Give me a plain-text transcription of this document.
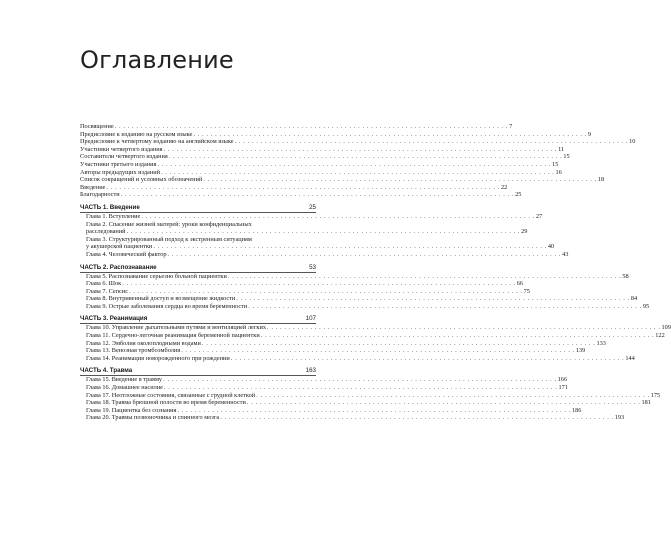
Оглавление
Посвящение . . .	7
Предисловие к изданию на русском языке . . .	9
Предисловие к четвертому изданию на английском языке . . .	10
Участники четвертого издания . . .	11
Составители четвертого издания . . .	15
Участники третьего издания . . .	15
Авторы предыдущих изданий . . .	16
Список сокращений и условных обозначений . . .	18
Введение . . .	22
Благодарности . . .	25
ЧАСТЬ 1. Введение	25
Глава 1. Вступление . . .	27
Глава 2. Спасение жизней матерей: уроки конфиденциальных
расследований . . .	29
Глава 3. Структурированный подход к экстренным ситуациям
у акушерской пациентки . . .	40
Глава 4. Человеческий фактор . . .	43
ЧАСТЬ 2. Распознавание	53
Глава 5. Распознавание серьезно больной пациентки . . .	58
Глава 6. Шок . . .	66
Глава 7. Сепсис . . .	75
Глава 8. Внутривенный доступ и возмещение жидкости . . .	84
Глава 9. Острые заболевания сердца во время беременности . . .	95
ЧАСТЬ 3. Реанимация	107
Глава 10. Управление дыхательными путями и вентиляцией легких . . .	109
Глава 11. Сердечно-легочная реанимация беременной пациентки . . .	122
Глава 12. Эмболия околоплодными водами . . .	133
Глава 13. Венозная тромбоэмболия . . .	139
Глава 14. Реанимация новорожденного при рождении . . .	144
ЧАСТЬ 4. Травма	163
Глава 15. Введение в травму . . .	166
Глава 16. Домашнее насилие . . .	171
Глава 17. Неотложные состояния, связанные с грудной клеткой . . .	175
Глава 18. Травма брюшной полости во время беременности . . .	181
Глава 19. Пациентка без сознания . . .	186
Глава 20. Травмы позвоночника и спинного мозга . . .	193
